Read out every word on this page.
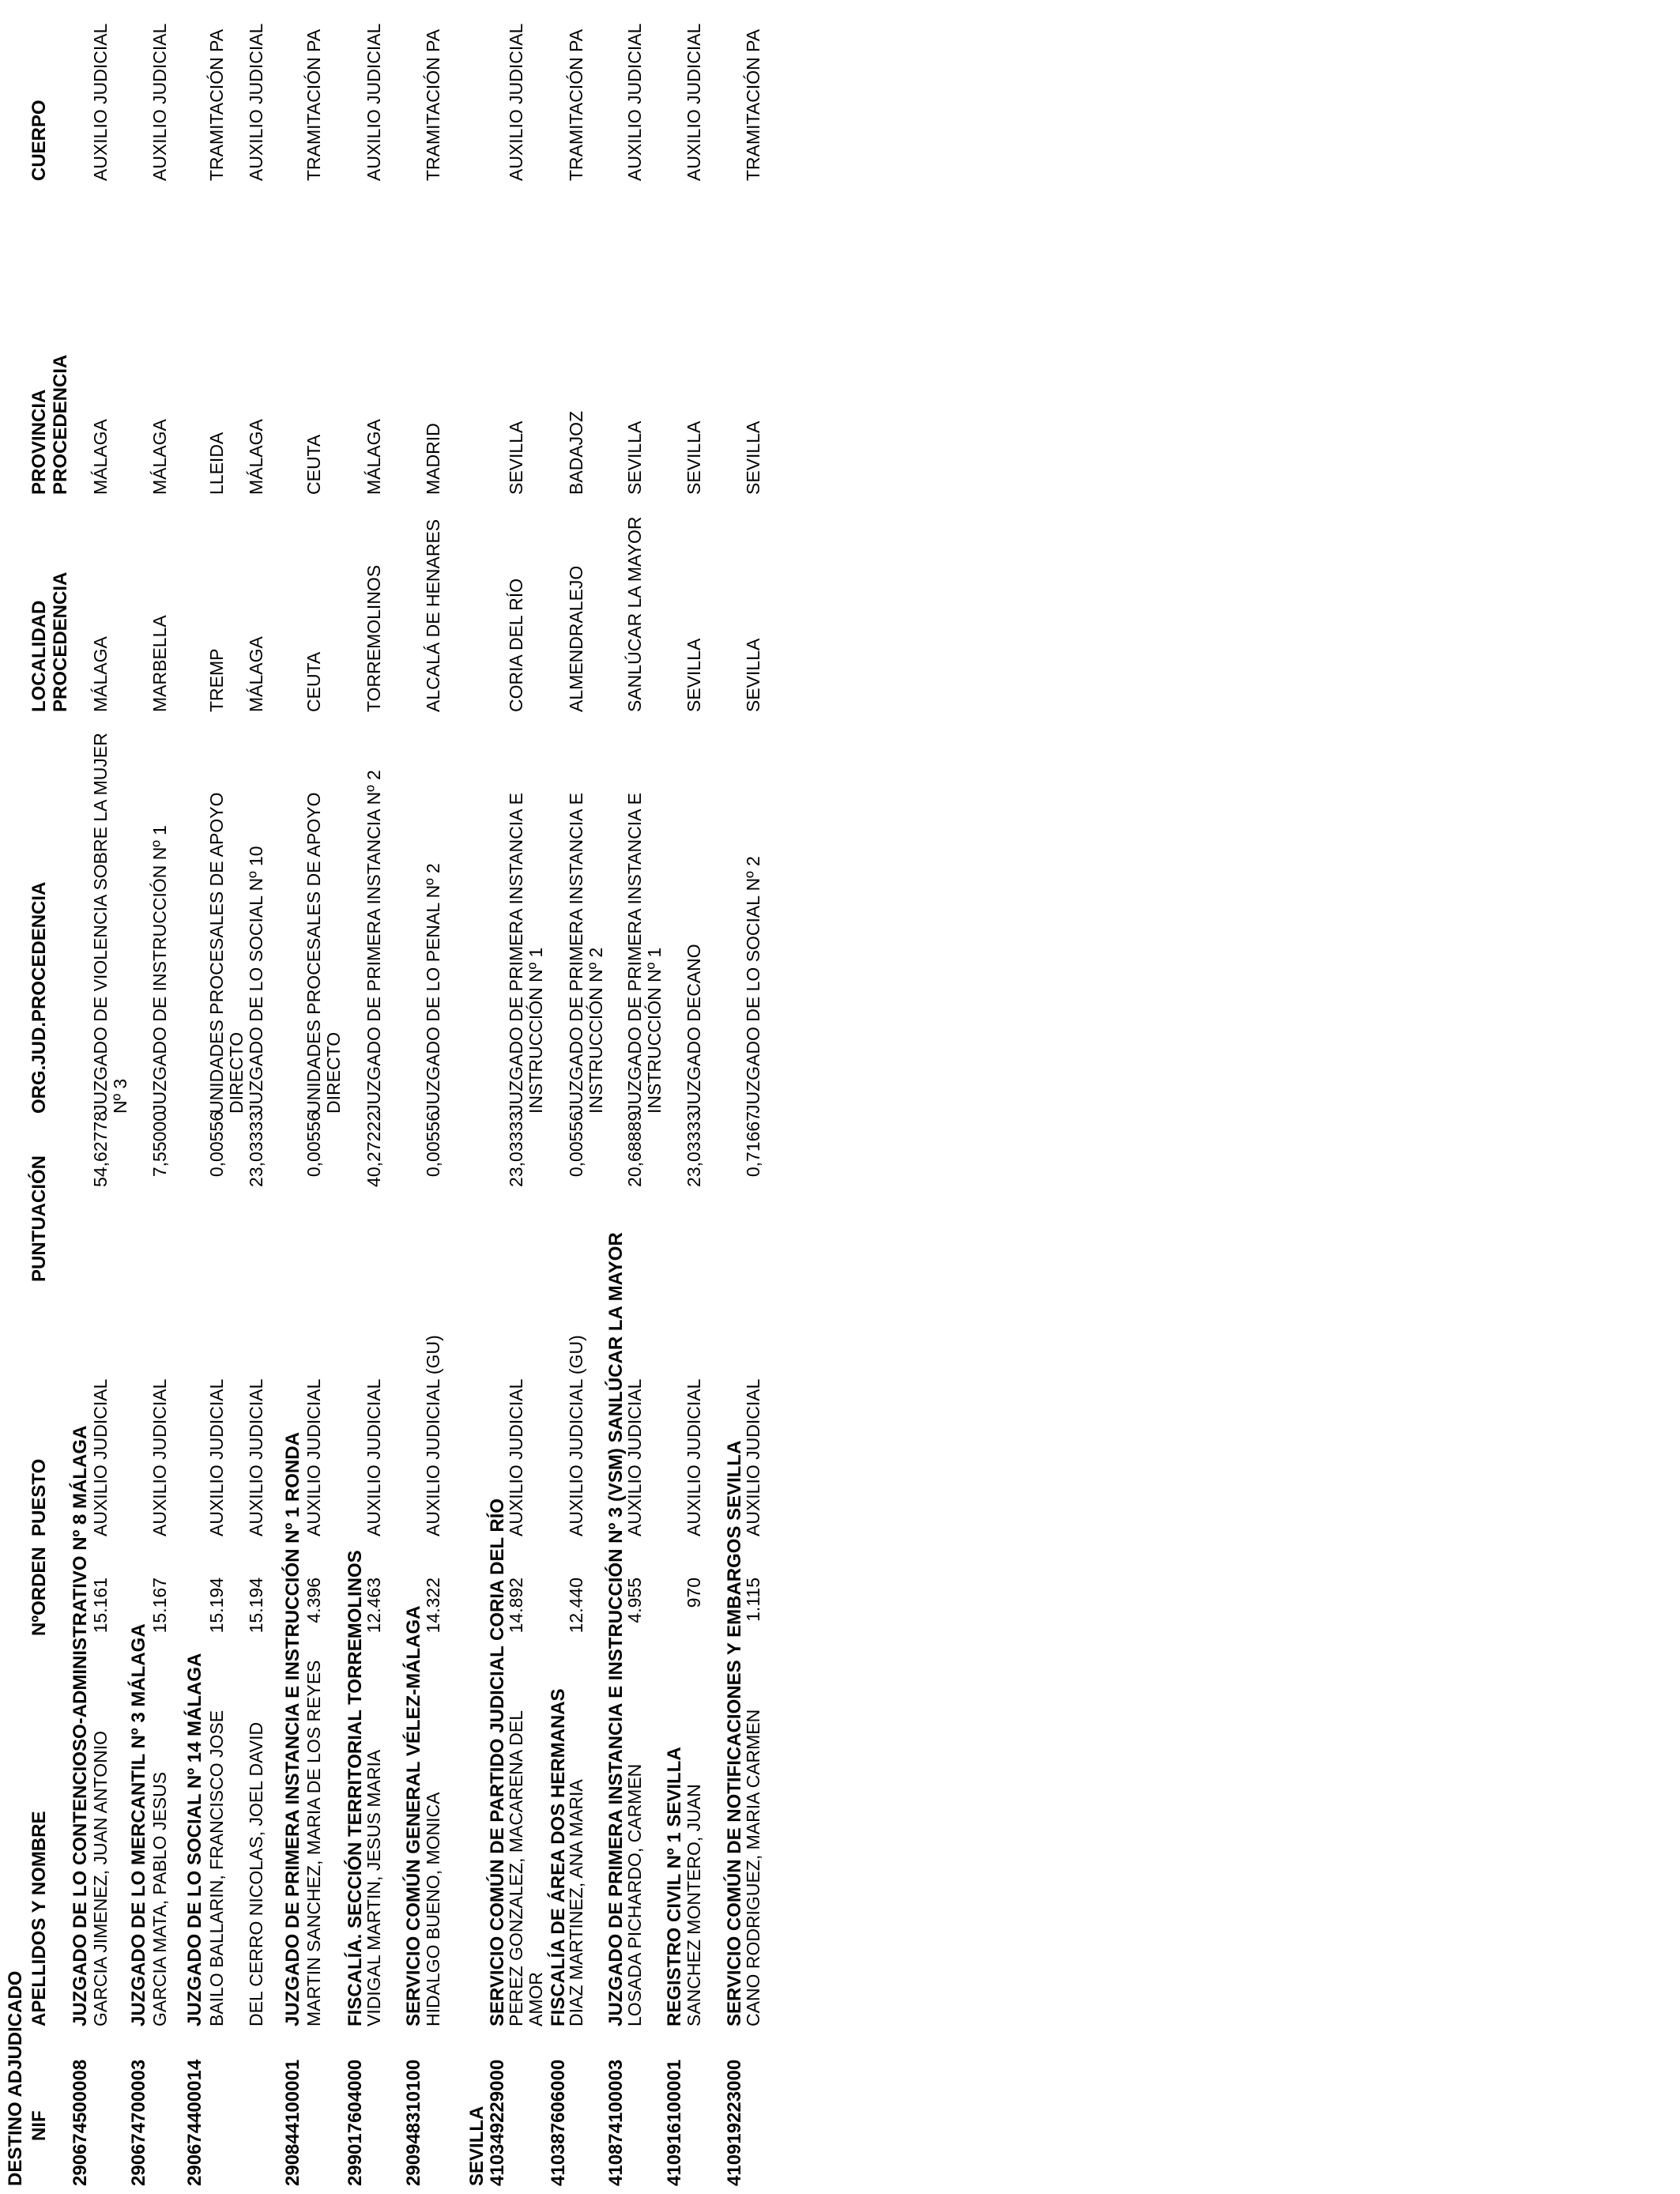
DESTINO ADJUDICADO NIF
APELLIDOS Y NOMBRE
NºORDEN
PUESTO
PUNTUACIÓN
ORG.JUD.PROCEDENCIA
LOCALIDAD PROCEDENCIA
PROVINCIA PROCEDENCIA
CUERPO
290674500008
JUZGADO DE LO CONTENCIOSO-ADMINISTRATIVO Nº 8 MÁLAGA GARCIA JIMENEZ, JUAN ANTONIO
15.161
AUXILIO JUDICIAL
54,62778
JUZGADO DE VIOLENCIA SOBRE LA MUJER Nº 3
MÁLAGA
MÁLAGA
AUXILIO JUDICIAL
290674700003
JUZGADO DE LO MERCANTIL Nº 3 MÁLAGA GARCIA MATA, PABLO JESUS
15.167
AUXILIO JUDICIAL
7,55000
JUZGADO DE INSTRUCCIÓN Nº 1
MARBELLA
MÁLAGA
AUXILIO JUDICIAL
290674400014
JUZGADO DE LO SOCIAL Nº 14 MÁLAGA BAILO BALLARIN, FRANCISCO JOSE
15.194
AUXILIO JUDICIAL
0,00556
UNIDADES PROCESALES DE APOYO DIRECTO
TREMP
LLEIDA
TRAMITACIÓN PA
DEL CERRO NICOLAS, JOEL DAVID
15.194
AUXILIO JUDICIAL
23,03333
JUZGADO DE LO SOCIAL Nº 10
MÁLAGA
MÁLAGA
AUXILIO JUDICIAL
290844100001
JUZGADO DE PRIMERA INSTANCIA E INSTRUCCIÓN Nº 1 RONDA MARTIN SANCHEZ, MARIA DE LOS REYES
4.396
AUXILIO JUDICIAL
0,00556
UNIDADES PROCESALES DE APOYO DIRECTO
CEUTA
CEUTA
TRAMITACIÓN PA
299017604000
FISCALÍA. SECCIÓN TERRITORIAL TORREMOLINOS
VIDIGAL MARTIN, JESUS MARIA
12.463
AUXILIO JUDICIAL
40,27222
JUZGADO DE PRIMERA INSTANCIA Nº 2
TORREMOLINOS
MÁLAGA
AUXILIO JUDICIAL
290948310100
SERVICIO COMÚN GENERAL VÉLEZ-MÁLAGA
HIDALGO BUENO, MONICA
14.322
AUXILIO JUDICIAL (GU)
0,00556
JUZGADO DE LO PENAL Nº 2
ALCALÁ DE HENARES
MADRID
TRAMITACIÓN PA
SEVILLA 410349229000
SERVICIO COMÚN DE PARTIDO JUDICIAL CORIA DEL RÍO
PEREZ GONZALEZ, MACARENA DEL AMOR
14.892
AUXILIO JUDICIAL
23,03333
JUZGADO DE PRIMERA INSTANCIA E INSTRUCCIÓN Nº 1
CORIA DEL RÍO
SEVILLA
AUXILIO JUDICIAL
410387606000
FISCALÍA DE ÁREA DOS HERMANAS
DIAZ MARTINEZ, ANA MARIA
12.440
AUXILIO JUDICIAL (GU)
0,00556
JUZGADO DE PRIMERA INSTANCIA E INSTRUCCIÓN Nº 2
ALMENDRALEJO
BADAJOZ
TRAMITACIÓN PA
410874100003
JUZGADO DE PRIMERA INSTANCIA E INSTRUCCIÓN Nº 3 (VSM) SANLÚCAR LA MAYOR
LOSADA PICHARDO, CARMEN
4.955
AUXILIO JUDICIAL
20,68889
JUZGADO DE PRIMERA INSTANCIA E INSTRUCCIÓN Nº 1
SANLÚCAR LA MAYOR
SEVILLA
AUXILIO JUDICIAL
410916100001
REGISTRO CIVIL Nº 1 SEVILLA
SANCHEZ MONTERO, JUAN
970
AUXILIO JUDICIAL
23,03333
JUZGADO DECANO
SEVILLA
SEVILLA
AUXILIO JUDICIAL
410919223000
SERVICIO COMÚN DE NOTIFICACIONES Y EMBARGOS SEVILLA
CANO RODRIGUEZ, MARIA CARMEN
1.115
AUXILIO JUDICIAL
0,71667
JUZGADO DE LO SOCIAL Nº 2
SEVILLA
SEVILLA
TRAMITACIÓN PA
